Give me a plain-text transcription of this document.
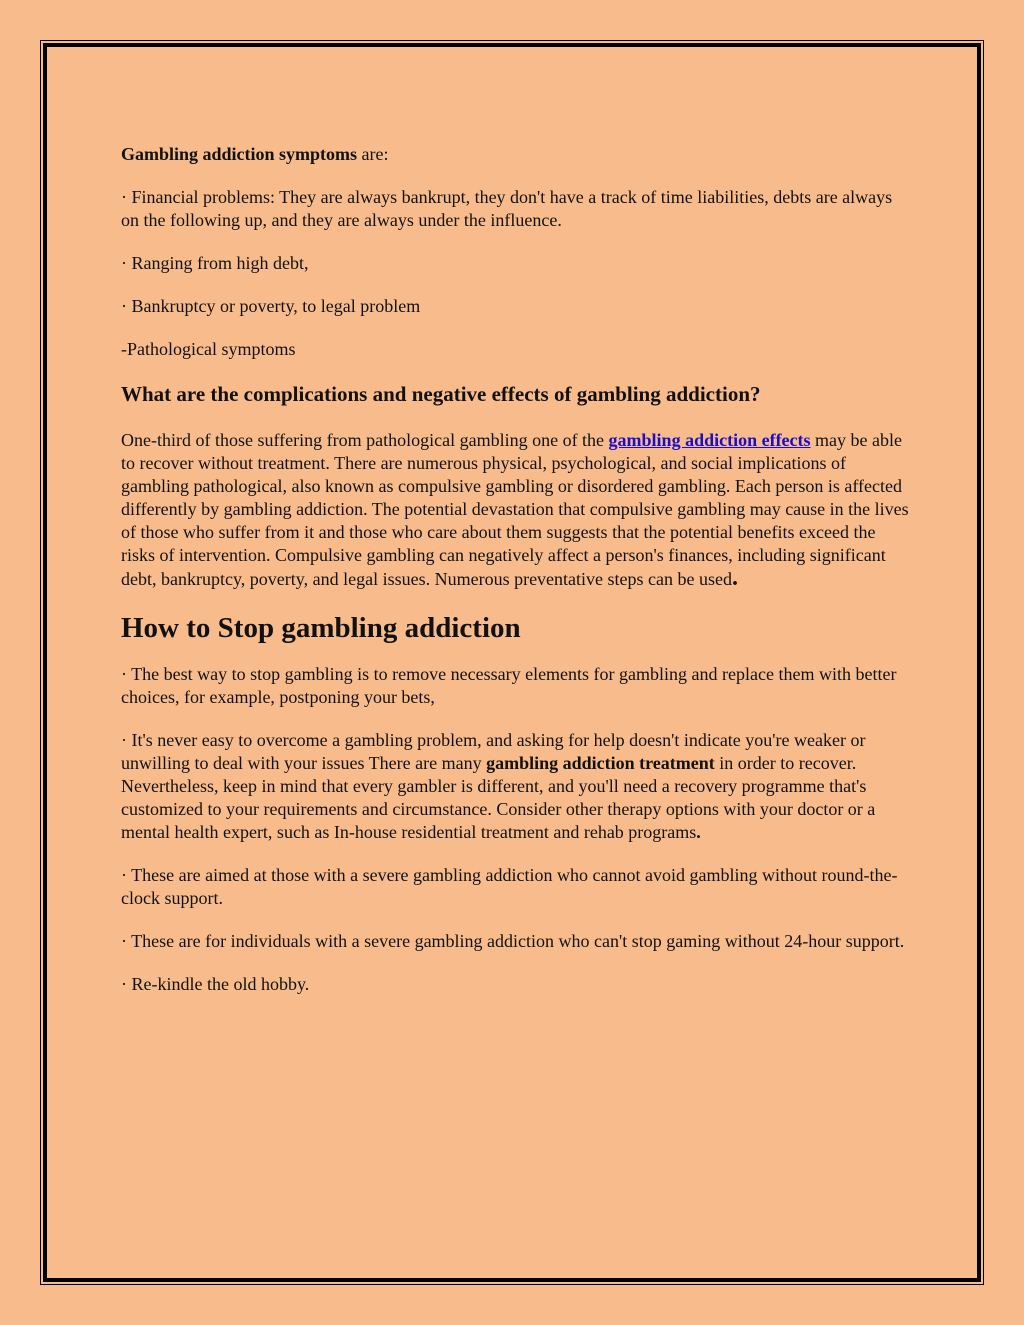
Gambling addiction symptoms are:

· Financial problems: They are always bankrupt, they don't have a track of time liabilities, debts are always on the following up, and they are always under the influence.

· Ranging from high debt,

· Bankruptcy or poverty, to legal problem

-Pathological symptoms

What are the complications and negative effects of gambling addiction?

One-third of those suffering from pathological gambling one of the gambling addiction effects may be able to recover without treatment. There are numerous physical, psychological, and social implications of gambling pathological, also known as compulsive gambling or disordered gambling. Each person is affected differently by gambling addiction. The potential devastation that compulsive gambling may cause in the lives of those who suffer from it and those who care about them suggests that the potential benefits exceed the risks of intervention. Compulsive gambling can negatively affect a person's finances, including significant debt, bankruptcy, poverty, and legal issues. Numerous preventative steps can be used.

How to Stop gambling addiction

· The best way to stop gambling is to remove necessary elements for gambling and replace them with better choices, for example, postponing your bets,

· It's never easy to overcome a gambling problem, and asking for help doesn't indicate you're weaker or unwilling to deal with your issues There are many gambling addiction treatment in order to recover. Nevertheless, keep in mind that every gambler is different, and you'll need a recovery programme that's customized to your requirements and circumstance. Consider other therapy options with your doctor or a mental health expert, such as In-house residential treatment and rehab programs.

· These are aimed at those with a severe gambling addiction who cannot avoid gambling without round-the-clock support.

· These are for individuals with a severe gambling addiction who can't stop gaming without 24-hour support.

· Re-kindle the old hobby.
